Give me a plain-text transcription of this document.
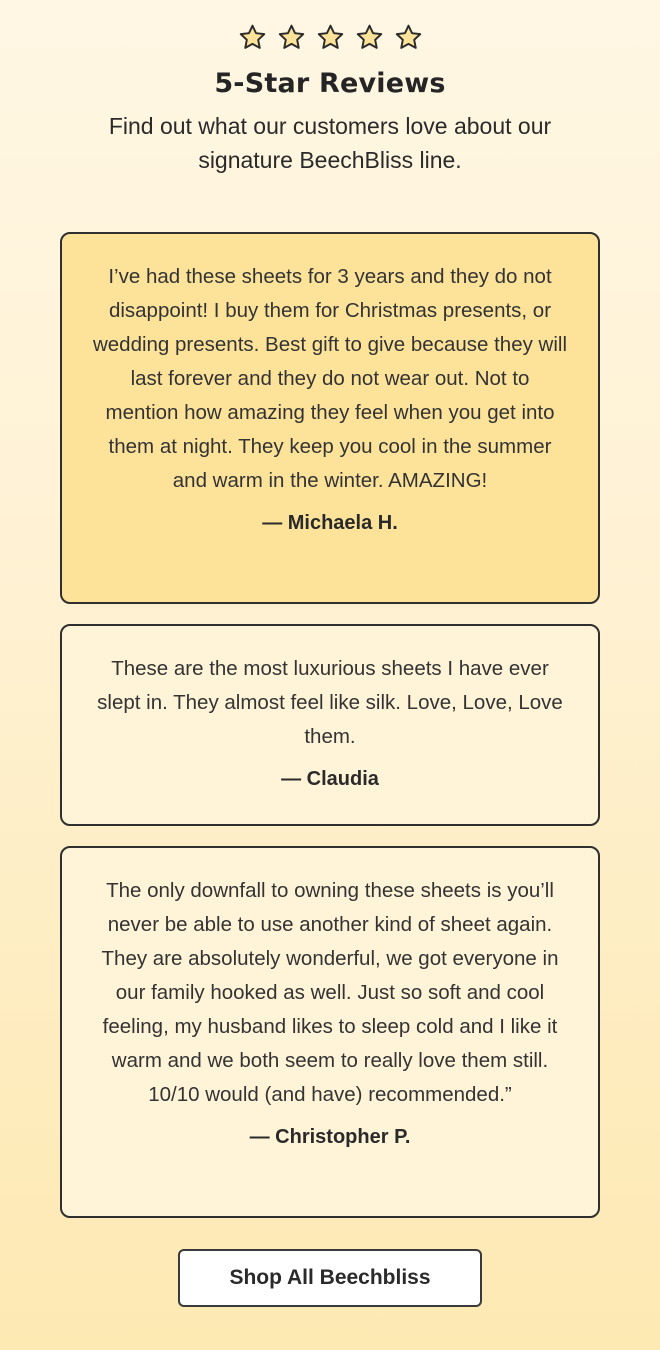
5-Star Reviews
Find out what our customers love about our signature BeechBliss line.

I’ve had these sheets for 3 years and they do not disappoint! I buy them for Christmas presents, or wedding presents. Best gift to give because they will last forever and they do not wear out. Not to mention how amazing they feel when you get into them at night. They keep you cool in the summer and warm in the winter. AMAZING!

— Michaela H.

These are the most luxurious sheets I have ever slept in. They almost feel like silk. Love, Love, Love them.

— Claudia

The only downfall to owning these sheets is you’ll never be able to use another kind of sheet again. They are absolutely wonderful, we got everyone in our family hooked as well. Just so soft and cool feeling, my husband likes to sleep cold and I like it warm and we both seem to really love them still. 10/10 would (and have) recommended.”

— Christopher P.
Shop All Beechbliss
